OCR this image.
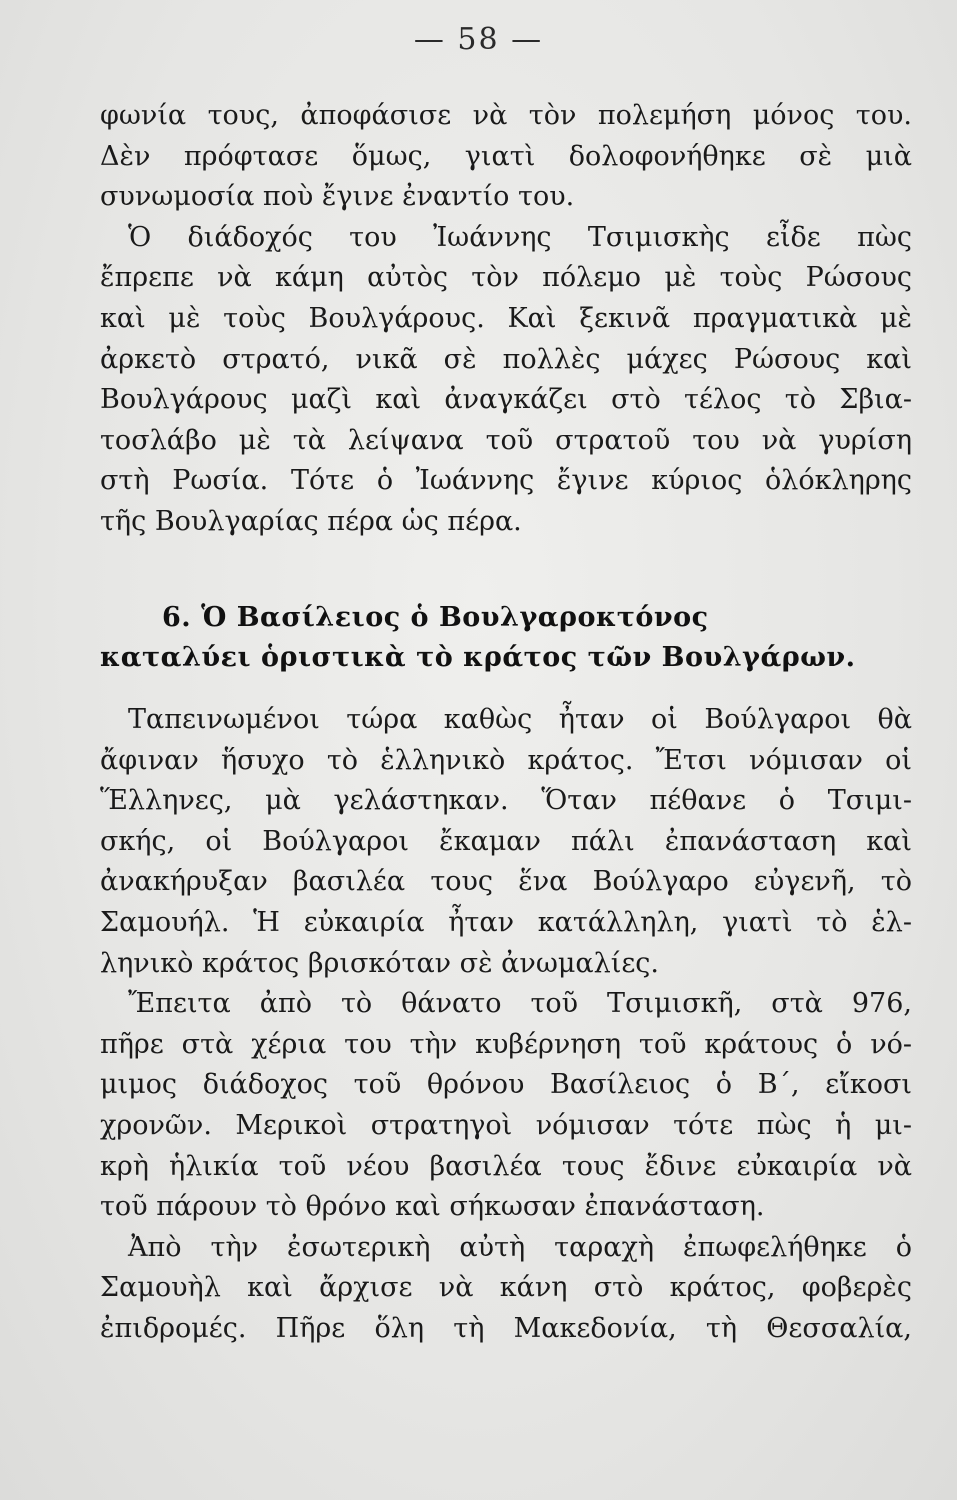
— 58 —
φωνία τους, ἀποφάσισε νὰ τὸν πολεμήση μόνος του.
Δὲν πρόφτασε ὅμως, γιατὶ δολοφονήθηκε σὲ μιὰ
συνωμοσία ποὺ ἔγινε ἐναντίο του.
Ὁ διάδοχός του Ἰωάννης Τσιμισκὴς εἶδε πὼς
ἔπρεπε νὰ κάμη αὐτὸς τὸν πόλεμο μὲ τοὺς Ρώσους
καὶ μὲ τοὺς Βουλγάρους. Καὶ ξεκινᾶ πραγματικὰ μὲ
ἀρκετὸ στρατό, νικᾶ σὲ πολλὲς μάχες Ρώσους καὶ
Βουλγάρους μαζὶ καὶ ἀναγκάζει στὸ τέλος τὸ Σβια-
τοσλάβο μὲ τὰ λείψανα τοῦ στρατοῦ του νὰ γυρίση
στὴ Ρωσία. Τότε ὁ Ἰωάννης ἔγινε κύριος ὁλόκληρης
τῆς Βουλγαρίας πέρα ὡς πέρα.
6. Ὁ Βασίλειος ὁ Βουλγαροκτόνος
καταλύει ὁριστικὰ τὸ κράτος τῶν Βουλγάρων.
Ταπεινωμένοι τώρα καθὼς ἦταν οἱ Βούλγαροι θὰ
ἄφιναν ἥσυχο τὸ ἑλληνικὸ κράτος. Ἔτσι νόμισαν οἱ
Ἕλληνες, μὰ γελάστηκαν. Ὅταν πέθανε ὁ Τσιμι-
σκής, οἱ Βούλγαροι ἔκαμαν πάλι ἐπανάσταση καὶ
ἀνακήρυξαν βασιλέα τους ἕνα Βούλγαρο εὐγενῆ, τὸ
Σαμουήλ. Ἡ εὐκαιρία ἦταν κατάλληλη, γιατὶ τὸ ἑλ-
ληνικὸ κράτος βρισκόταν σὲ ἀνωμαλίες.
Ἔπειτα ἀπὸ τὸ θάνατο τοῦ Τσιμισκῆ, στὰ 976,
πῆρε στὰ χέρια του τὴν κυβέρνηση τοῦ κράτους ὁ νό-
μιμος διάδοχος τοῦ θρόνου Βασίλειος ὁ Β΄, εἴκοσι
χρονῶν. Μερικοὶ στρατηγοὶ νόμισαν τότε πὼς ἡ μι-
κρὴ ἡλικία τοῦ νέου βασιλέα τους ἔδινε εὐκαιρία νὰ
τοῦ πάρουν τὸ θρόνο καὶ σήκωσαν ἐπανάσταση.
Ἀπὸ τὴν ἐσωτερικὴ αὐτὴ ταραχὴ ἐπωφελήθηκε ὁ
Σαμουὴλ καὶ ἄρχισε νὰ κάνη στὸ κράτος, φοβερὲς
ἐπιδρομές. Πῆρε ὅλη τὴ Μακεδονία, τὴ Θεσσαλία,
